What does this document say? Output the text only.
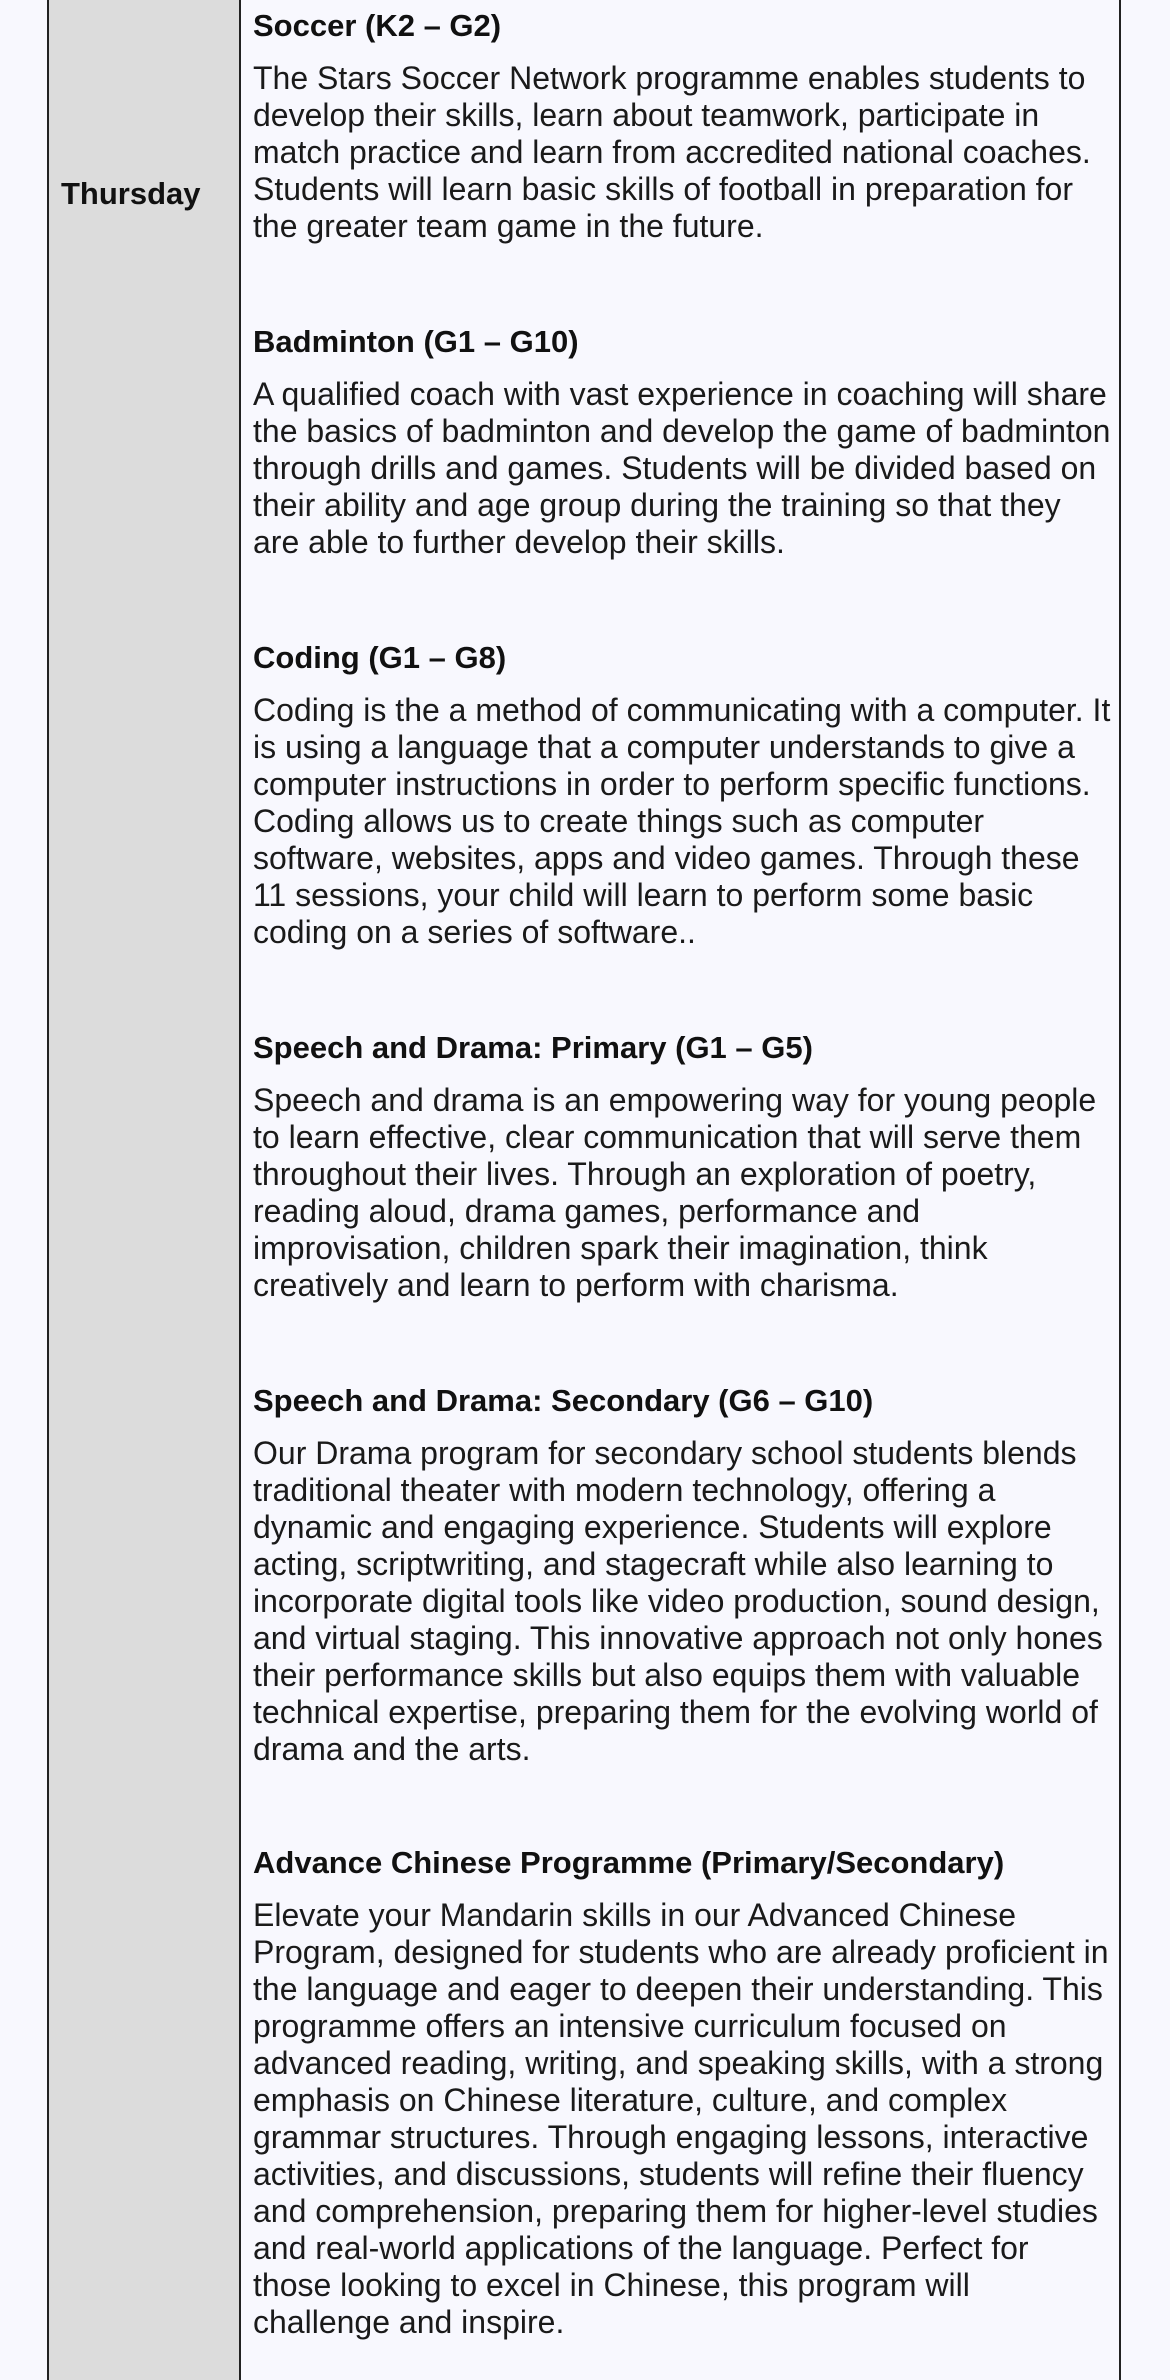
Thursday
Soccer (K2 – G2)

The Stars Soccer Network programme enables students to develop their skills, learn about teamwork, participate in match practice and learn from accredited national coaches. Students will learn basic skills of football in preparation for the greater team game in the future.

Badminton (G1 – G10)

A qualified coach with vast experience in coaching will share the basics of badminton and develop the game of badminton through drills and games. Students will be divided based on their ability and age group during the training so that they are able to further develop their skills.

Coding (G1 – G8)

Coding is the a method of communicating with a computer. It is using a language that a computer understands to give a computer instructions in order to perform specific functions. Coding allows us to create things such as computer software, websites, apps and video games. Through these 11 sessions, your child will learn to perform some basic coding on a series of software..

Speech and Drama: Primary (G1 – G5)

Speech and drama is an empowering way for young people to learn effective, clear communication that will serve them throughout their lives. Through an exploration of poetry, reading aloud, drama games, performance and improvisation, children spark their imagination, think creatively and learn to perform with charisma.

Speech and Drama: Secondary (G6 – G10)

Our Drama program for secondary school students blends traditional theater with modern technology, offering a dynamic and engaging experience. Students will explore acting, scriptwriting, and stagecraft while also learning to incorporate digital tools like video production, sound design, and virtual staging. This innovative approach not only hones their performance skills but also equips them with valuable technical expertise, preparing them for the evolving world of drama and the arts.

Advance Chinese Programme (Primary/Secondary)

Elevate your Mandarin skills in our Advanced Chinese Program, designed for students who are already proficient in the language and eager to deepen their understanding. This programme offers an intensive curriculum focused on advanced reading, writing, and speaking skills, with a strong emphasis on Chinese literature, culture, and complex grammar structures. Through engaging lessons, interactive activities, and discussions, students will refine their fluency and comprehension, preparing them for higher-level studies and real-world applications of the language. Perfect for those looking to excel in Chinese, this program will challenge and inspire.
